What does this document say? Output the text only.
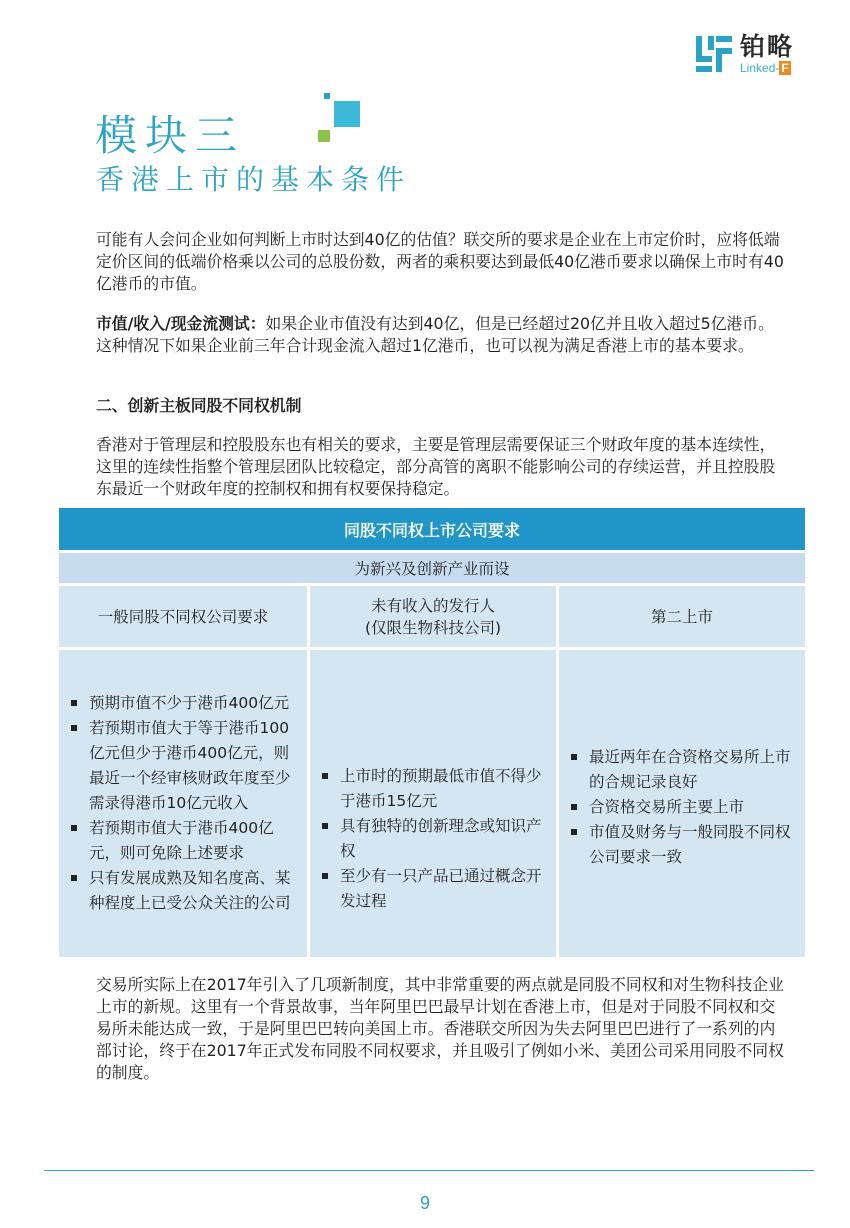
铂略
Linked- F
模块三
香港上市的基本条件
可能有人会问企业如何判断上市时达到40亿的估值？联交所的要求是企业在上市定价时，应将低端定价区间的低端价格乘以公司的总股份数，两者的乘积要达到最低40亿港币要求以确保上市时有40亿港币的市值。
市值/收入/现金流测试：如果企业市值没有达到40亿，但是已经超过20亿并且收入超过5亿港币。这种情况下如果企业前三年合计现金流入超过1亿港币，也可以视为满足香港上市的基本要求。
二、创新主板同股不同权机制
香港对于管理层和控股股东也有相关的要求，主要是管理层需要保证三个财政年度的基本连续性，这里的连续性指整个管理层团队比较稳定，部分高管的离职不能影响公司的存续运营，并且控股股东最近一个财政年度的控制权和拥有权要保持稳定。
同股不同权上市公司要求
为新兴及创新产业而设
一般同股不同权公司要求
未有收入的发行人
(仅限生物科技公司)
第二上市
预期市值不少于港币400亿元
若预期市值大于等于港币100亿元但少于港币400亿元，则最近一个经审核财政年度至少需录得港币10亿元收入
若预期市值大于港币400亿元，则可免除上述要求
只有发展成熟及知名度高、某种程度上已受公众关注的公司
上市时的预期最低市值不得少于港币15亿元
具有独特的创新理念或知识产权
至少有一只产品已通过概念开发过程
最近两年在合资格交易所上市的合规记录良好
合资格交易所主要上市
市值及财务与一般同股不同权公司要求一致
交易所实际上在2017年引入了几项新制度，其中非常重要的两点就是同股不同权和对生物科技企业上市的新规。这里有一个背景故事，当年阿里巴巴最早计划在香港上市，但是对于同股不同权和交易所未能达成一致，于是阿里巴巴转向美国上市。香港联交所因为失去阿里巴巴进行了一系列的内部讨论，终于在2017年正式发布同股不同权要求，并且吸引了例如小米、美团公司采用同股不同权的制度。
9
